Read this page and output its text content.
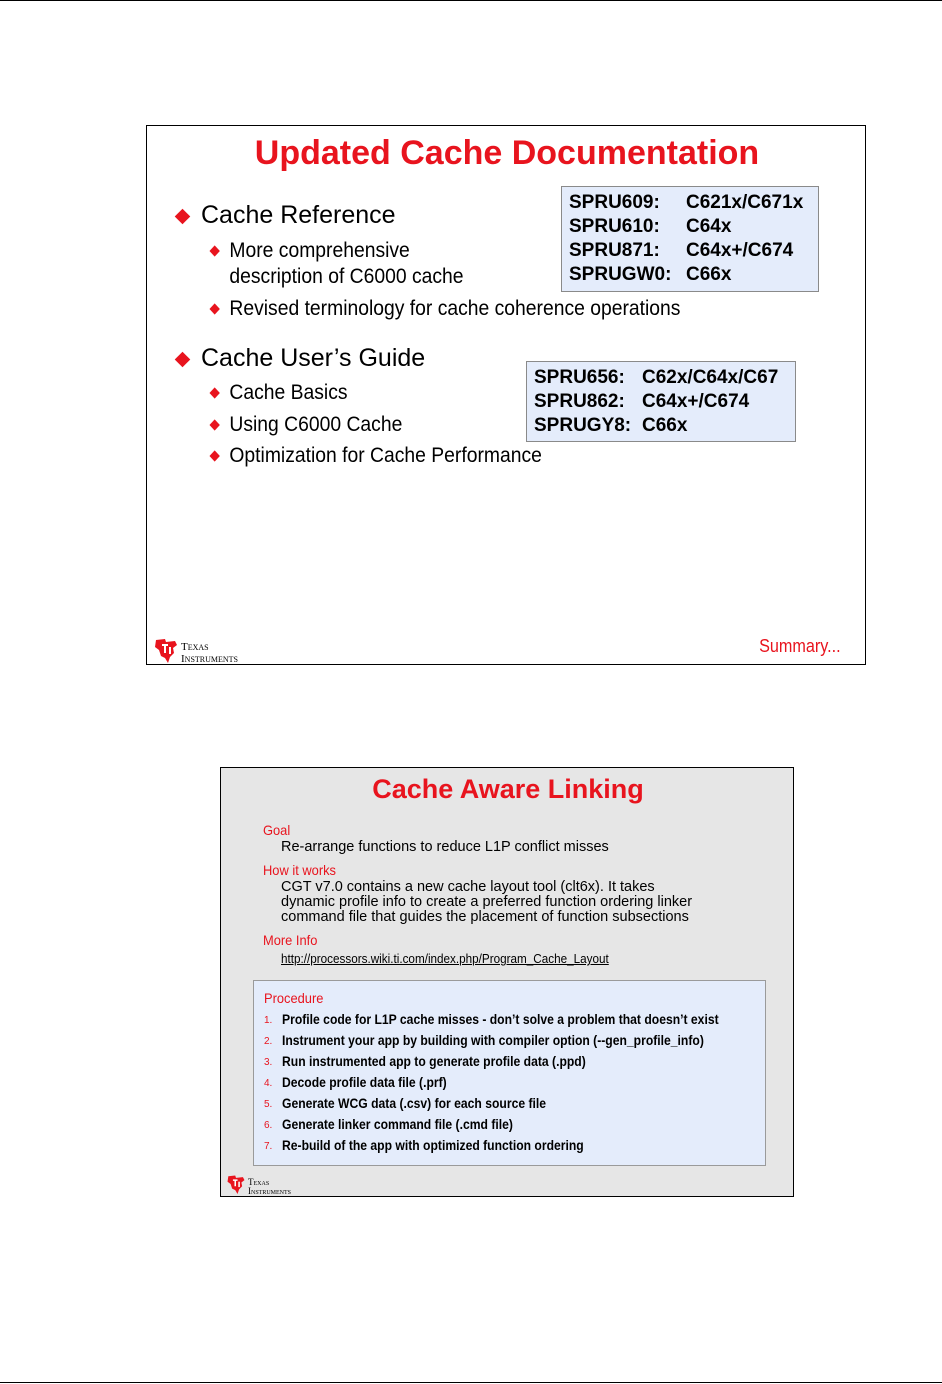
Updated Cache Documentation
Cache Reference
More comprehensive
description of C6000 cache
Revised terminology for cache coherence operations
SPRU609: C621x/C671x
SPRU610: C64x
SPRU871: C64x+/C674
SPRUGW0: C66x
Cache User’s Guide
Cache Basics
Using C6000 Cache
Optimization for Cache Performance
SPRU656: C62x/C64x/C67
SPRU862: C64x+/C674
SPRUGY8: C66x
Texas
Instruments
Summary...
Cache Aware Linking
Goal
Re-arrange functions to reduce L1P conflict misses
How it works
CGT v7.0 contains a new cache layout tool (clt6x). It takes
dynamic profile info to create a preferred function ordering linker
command file that guides the placement of function subsections
More Info
http://processors.wiki.ti.com/index.php/Program_Cache_Layout
Procedure
1. Profile code for L1P cache misses - don’t solve a problem that doesn’t exist
2. Instrument your app by building with compiler option (--gen_profile_info)
3. Run instrumented app to generate profile data (.ppd)
4. Decode profile data file (.prf)
5. Generate WCG data (.csv) for each source file
6. Generate linker command file (.cmd file)
7. Re-build of the app with optimized function ordering
Texas
Instruments
